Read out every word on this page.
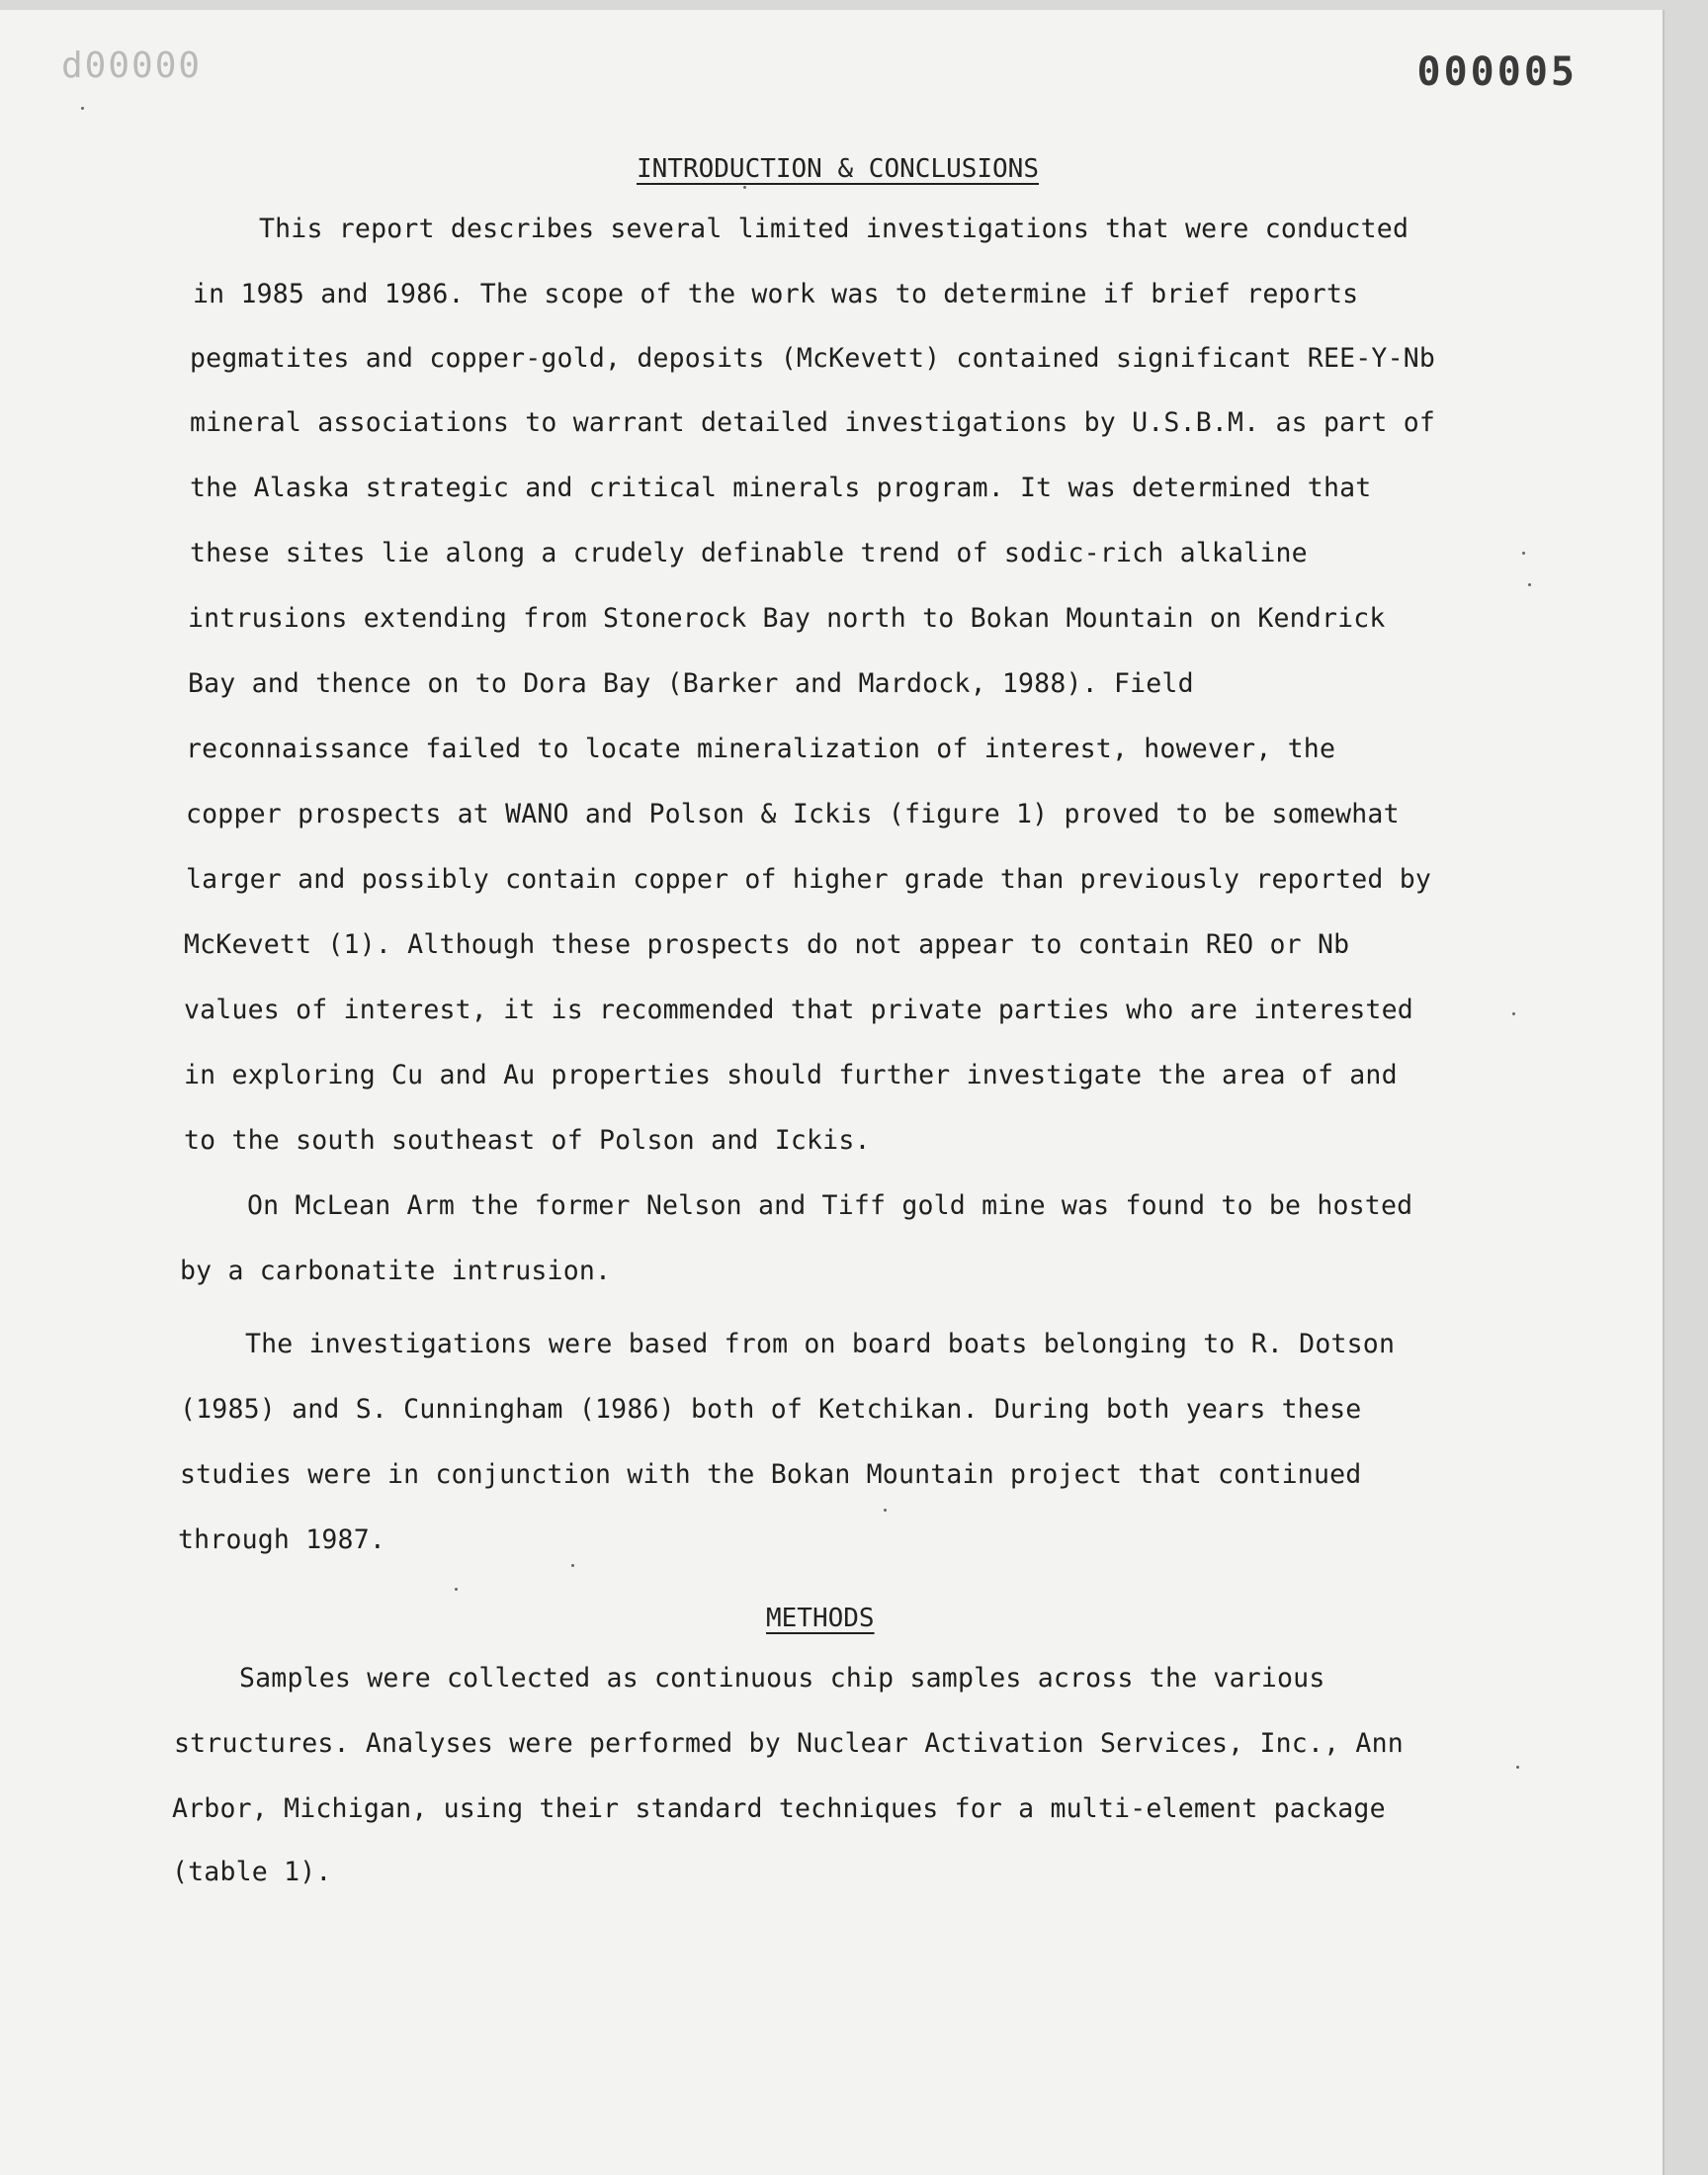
d00000	000005
INTRODUCTION & CONCLUSIONS
This report describes several limited investigations that were conducted
in 1985 and 1986. The scope of the work was to determine if brief reports
pegmatites and copper-gold, deposits (McKevett) contained significant REE-Y-Nb
mineral associations to warrant detailed investigations by U.S.B.M. as part of
the Alaska strategic and critical minerals program. It was determined that
these sites lie along a crudely definable trend of sodic-rich alkaline
intrusions extending from Stonerock Bay north to Bokan Mountain on Kendrick
Bay and thence on to Dora Bay (Barker and Mardock, 1988). Field
reconnaissance failed to locate mineralization of interest, however, the
copper prospects at WANO and Polson & Ickis (figure 1) proved to be somewhat
larger and possibly contain copper of higher grade than previously reported by
McKevett (1). Although these prospects do not appear to contain REO or Nb
values of interest, it is recommended that private parties who are interested
in exploring Cu and Au properties should further investigate the area of and
to the south southeast of Polson and Ickis.
On McLean Arm the former Nelson and Tiff gold mine was found to be hosted
by a carbonatite intrusion.
The investigations were based from on board boats belonging to R. Dotson
(1985) and S. Cunningham (1986) both of Ketchikan. During both years these
studies were in conjunction with the Bokan Mountain project that continued
through 1987.
METHODS
Samples were collected as continuous chip samples across the various
structures. Analyses were performed by Nuclear Activation Services, Inc., Ann
Arbor, Michigan, using their standard techniques for a multi-element package
(table 1).
